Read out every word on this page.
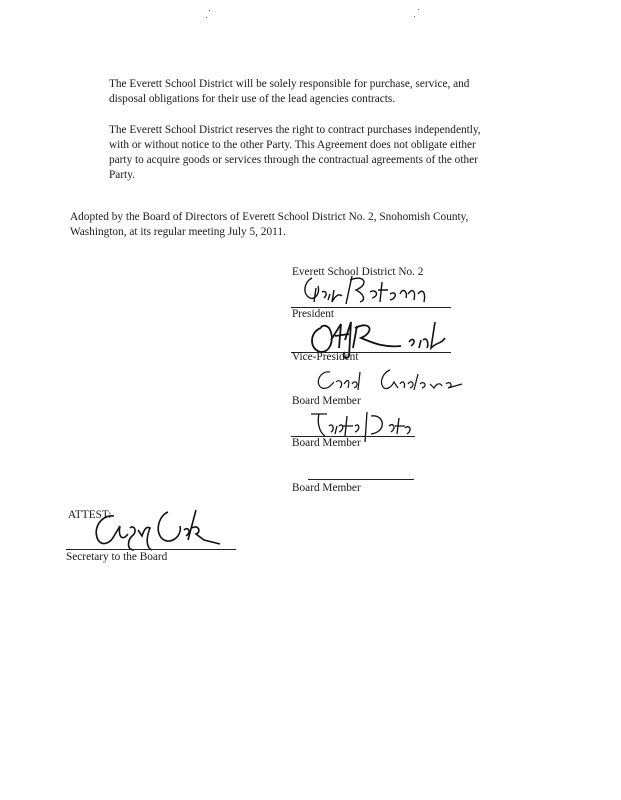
The Everett School District will be solely responsible for purchase, service, and
disposal obligations for their use of the lead agencies contracts.
The Everett School District reserves the right to contract purchases independently,
with or without notice to the other Party. This Agreement does not obligate either
party to acquire goods or services through the contractual agreements of the other
Party.
Adopted by the Board of Directors of Everett School District No. 2, Snohomish County,
Washington, at its regular meeting July 5, 2011.
Everett School District No. 2
President
Vice-President
Board Member
Board Member
Board Member
ATTEST:
Secretary to the Board
